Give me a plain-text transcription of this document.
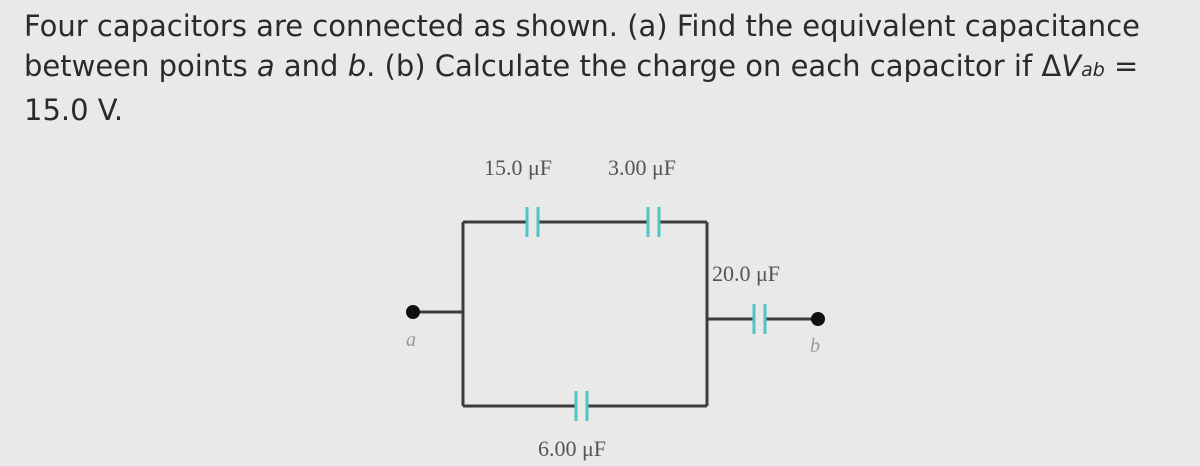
Four capacitors are connected as shown. (a) Find the equivalent capacitance between points a and b. (b) Calculate the charge on each capacitor if ΔVab = 15.0 V.

15.0 μF	3.00 μF
20.0 μF
6.00 μF
a	b
